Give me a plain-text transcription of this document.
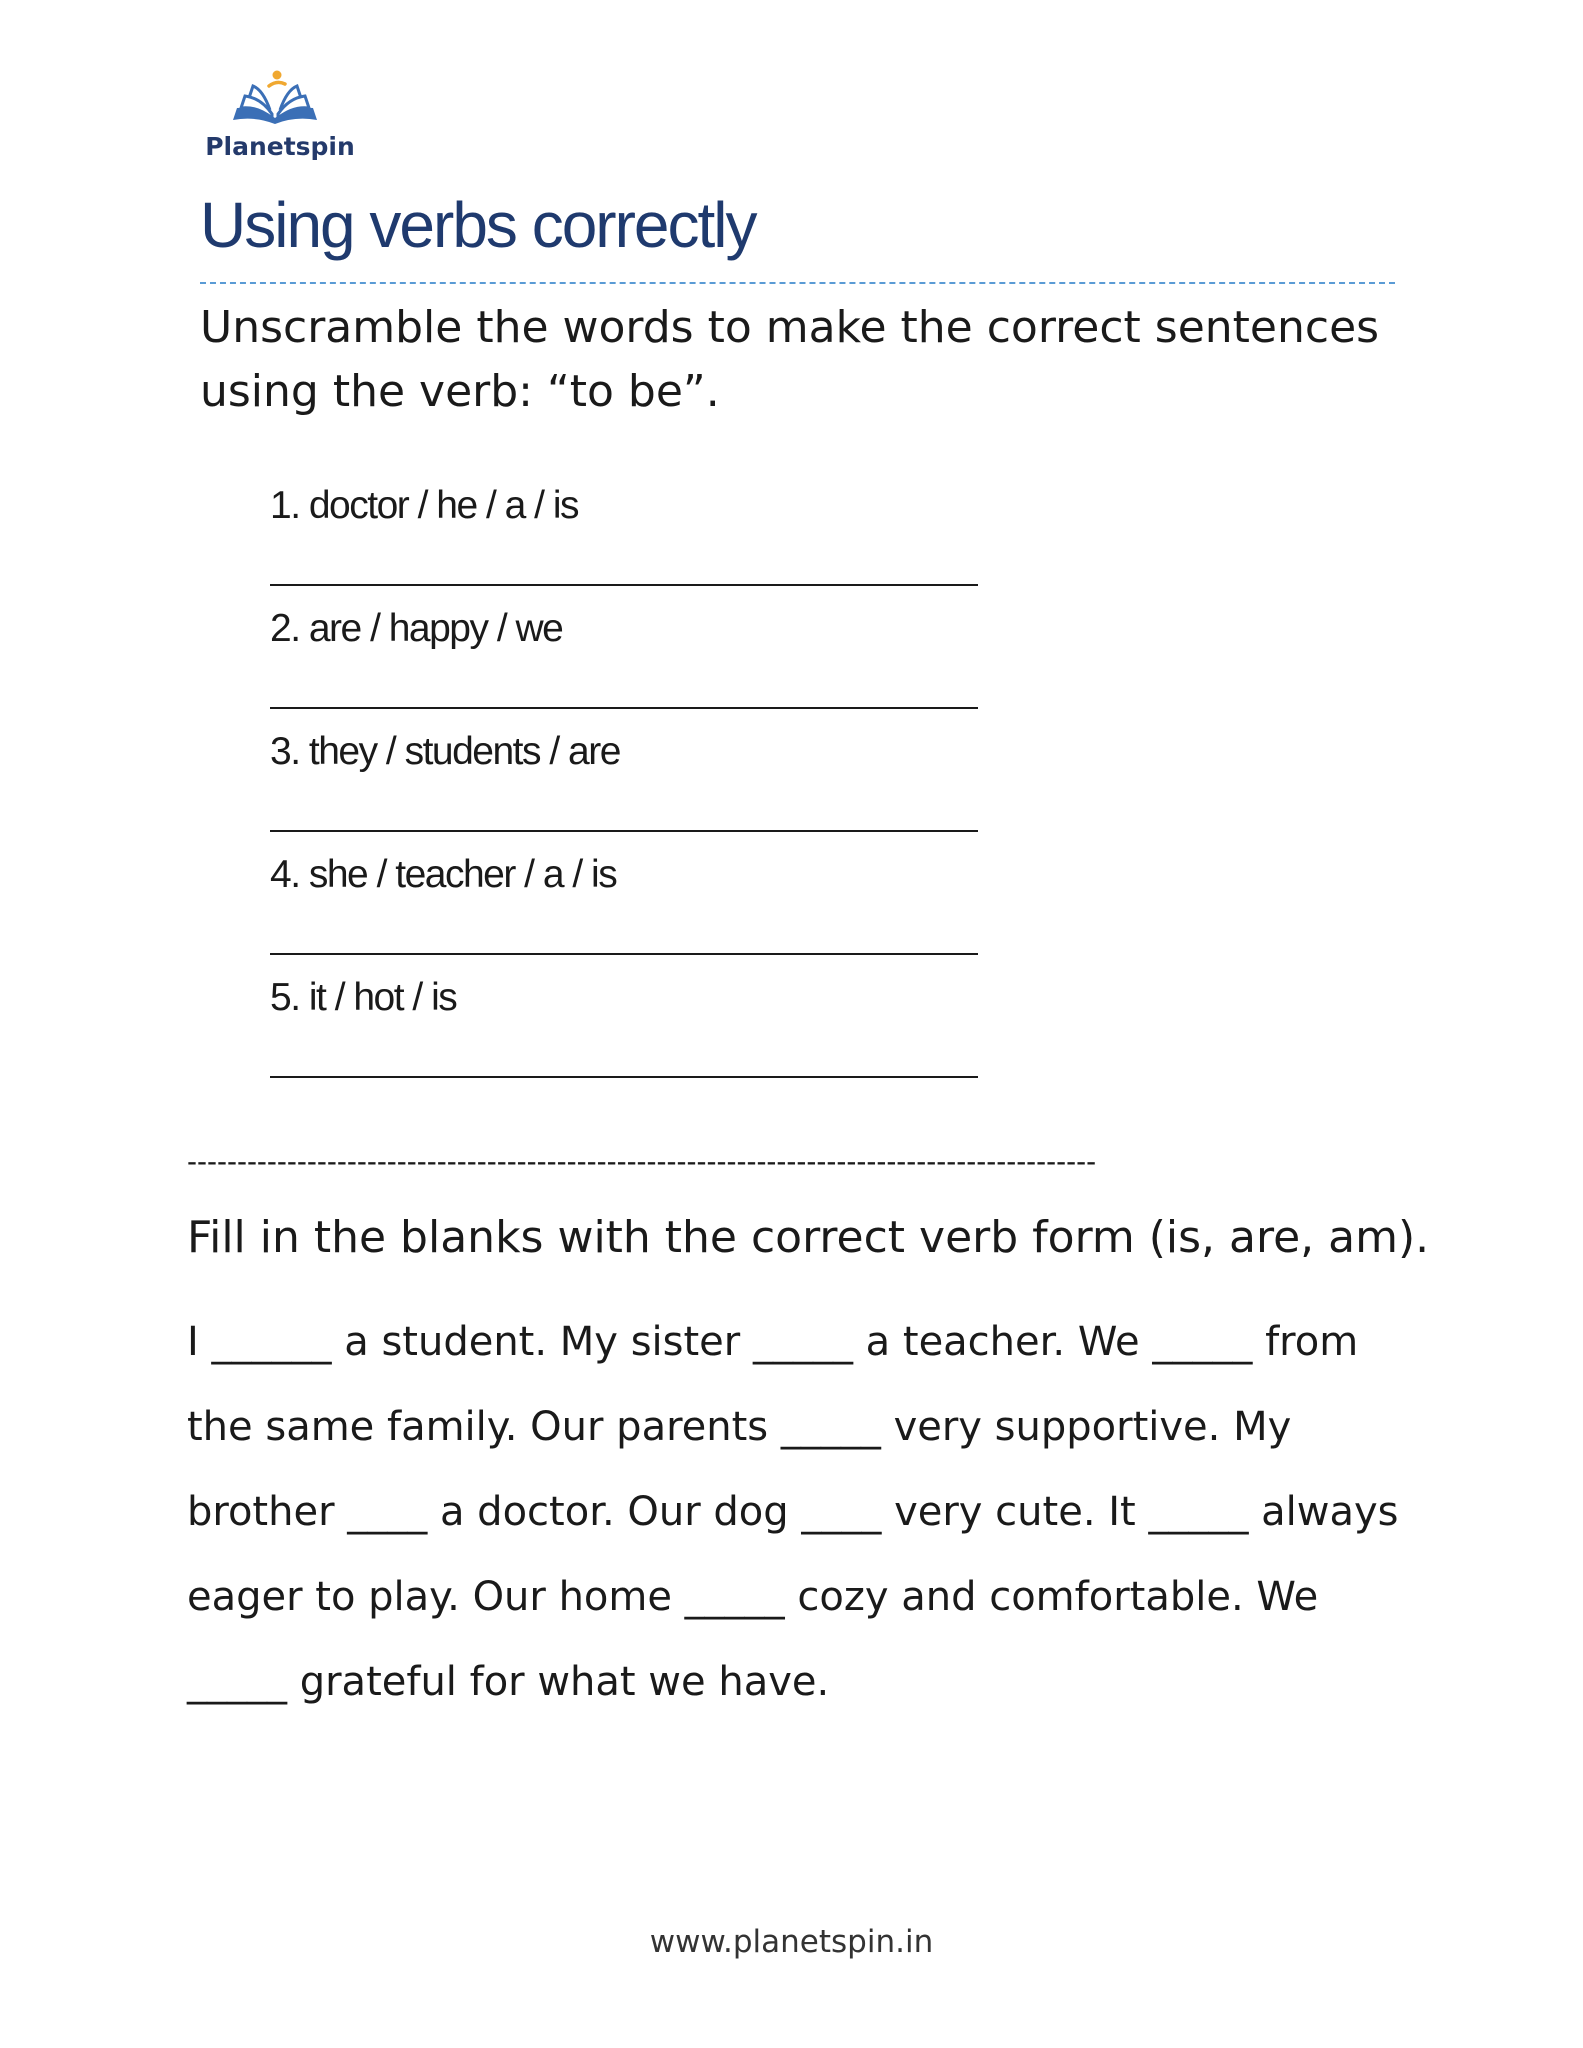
Planetspin
Using verbs correctly

Unscramble the words to make the correct sentences using the verb: “to be”.

1. doctor / he / a / is
2. are / happy / we
3. they / students / are
4. she / teacher / a / is
5. it / hot / is
-------------------------------------------------------------------------------------------
Fill in the blanks with the correct verb form (is, are, am).

I ______ a student. My sister _____ a teacher. We _____ from the same family. Our parents _____ very supportive. My brother ____ a doctor. Our dog ____ very cute. It _____ always eager to play. Our home _____ cozy and comfortable. We _____ grateful for what we have.

www.planetspin.in
